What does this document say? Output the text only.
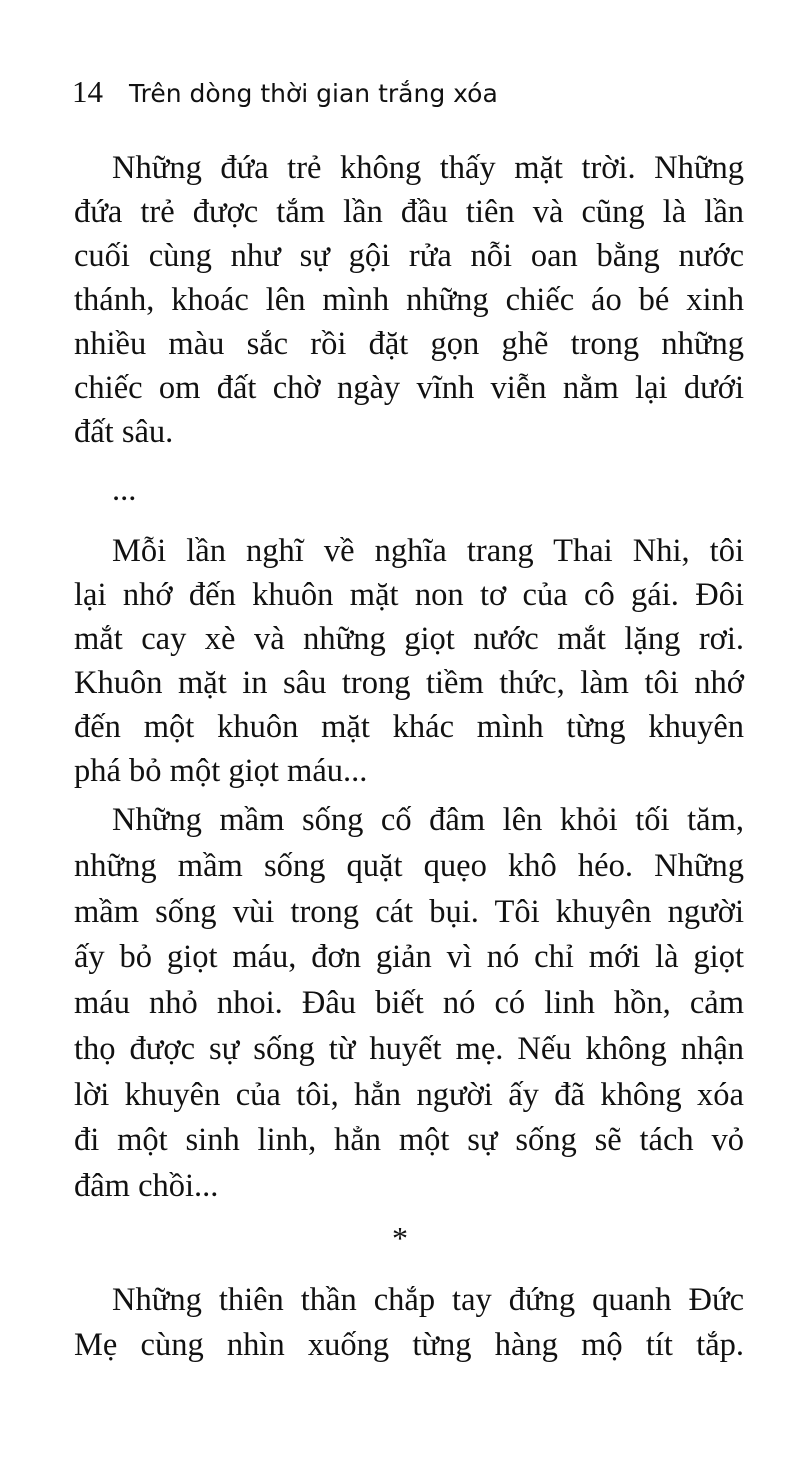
14 Trên dòng thời gian trắng xóa
Những đứa trẻ không thấy mặt trời. Những
đứa trẻ được tắm lần đầu tiên và cũng là lần
cuối cùng như sự gội rửa nỗi oan bằng nước
thánh, khoác lên mình những chiếc áo bé xinh
nhiều màu sắc rồi đặt gọn ghẽ trong những
chiếc om đất chờ ngày vĩnh viễn nằm lại dưới
đất sâu.
Mỗi lần nghĩ về nghĩa trang Thai Nhi, tôi
lại nhớ đến khuôn mặt non tơ của cô gái. Đôi
mắt cay xè và những giọt nước mắt lặng rơi.
Khuôn mặt in sâu trong tiềm thức, làm tôi nhớ
đến một khuôn mặt khác mình từng khuyên
phá bỏ một giọt máu...
Những mầm sống cố đâm lên khỏi tối tăm,
những mầm sống quặt quẹo khô héo. Những
mầm sống vùi trong cát bụi. Tôi khuyên người
ấy bỏ giọt máu, đơn giản vì nó chỉ mới là giọt
máu nhỏ nhoi. Đâu biết nó có linh hồn, cảm
thọ được sự sống từ huyết mẹ. Nếu không nhận
lời khuyên của tôi, hẳn người ấy đã không xóa
đi một sinh linh, hẳn một sự sống sẽ tách vỏ
đâm chồi...
Những thiên thần chắp tay đứng quanh Đức
Mẹ cùng nhìn xuống từng hàng mộ tít tắp.
...
*
